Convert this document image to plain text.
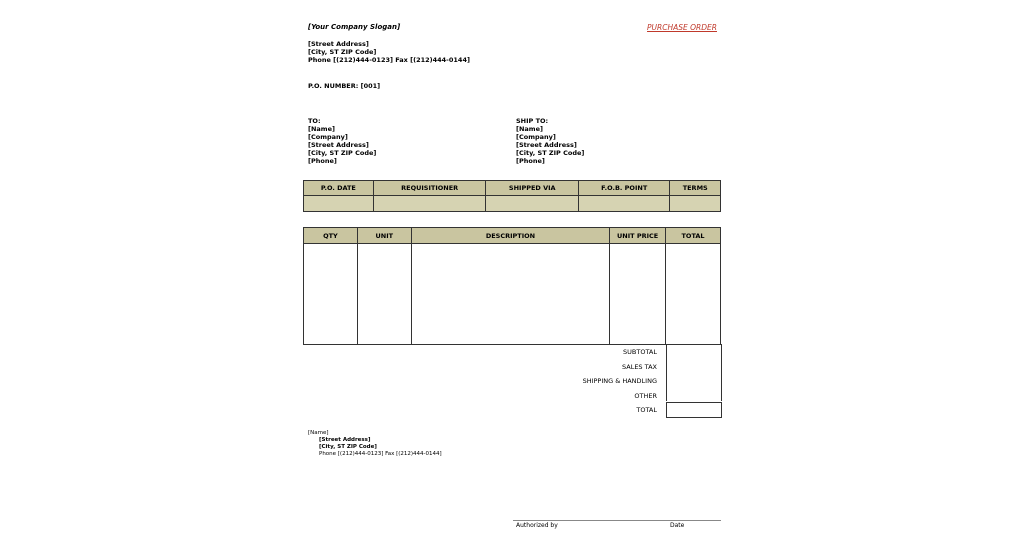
[Your Company Slogan]	PURCHASE ORDER
[Street Address]
[City, ST ZIP Code]
Phone [(212)444-0123] Fax [(212)444-0144]
P.O. NUMBER: [001]
TO:
[Name]
[Company]
[Street Address]
[City, ST ZIP Code]
[Phone]
SHIP TO:
[Name]
[Company]
[Street Address]
[City, ST ZIP Code]
[Phone]
P.O. DATE	REQUISITIONER	SHIPPED VIA	F.O.B. POINT	TERMS

QTY	UNIT	DESCRIPTION	UNIT PRICE	TOTAL

SUBTOTAL
SALES TAX
SHIPPING & HANDLING
OTHER
TOTAL
[Name]
[Street Address]
[City, ST ZIP Code]
Phone [(212)444-0123] Fax [(212)444-0144]
Authorized by	Date
